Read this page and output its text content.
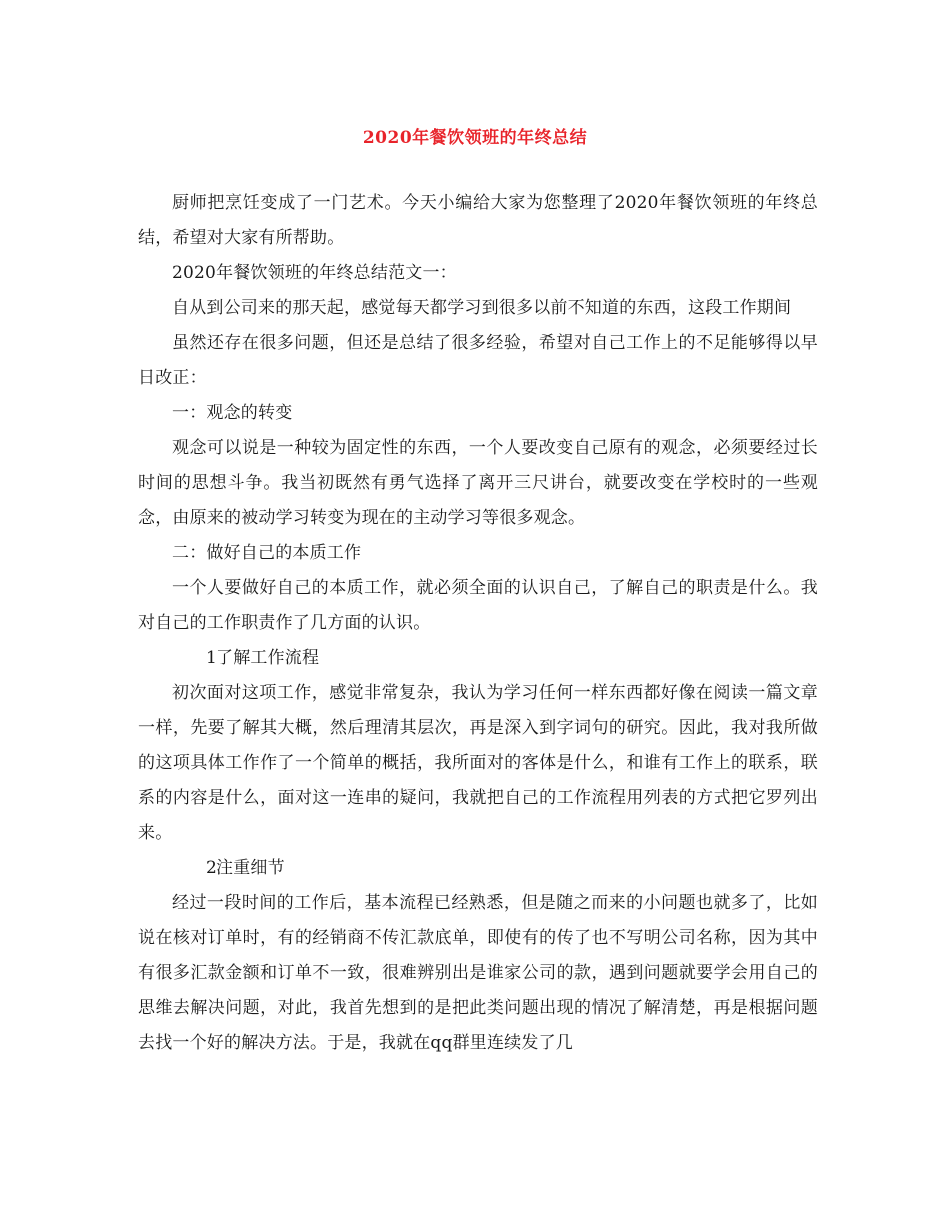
2020年餐饮领班的年终总结

厨师把烹饪变成了一门艺术。今天小编给大家为您整理了2020年餐饮领班的年终总结，希望对大家有所帮助。

2020年餐饮领班的年终总结范文一：

自从到公司来的那天起，感觉每天都学习到很多以前不知道的东西，这段工作期间

虽然还存在很多问题，但还是总结了很多经验，希望对自己工作上的不足能够得以早日改正：

一：观念的转变

观念可以说是一种较为固定性的东西，一个人要改变自己原有的观念，必须要经过长时间的思想斗争。我当初既然有勇气选择了离开三尺讲台，就要改变在学校时的一些观念，由原来的被动学习转变为现在的主动学习等很多观念。

二：做好自己的本质工作

一个人要做好自己的本质工作，就必须全面的认识自己，了解自己的职责是什么。我对自己的工作职责作了几方面的认识。

1了解工作流程

初次面对这项工作，感觉非常复杂，我认为学习任何一样东西都好像在阅读一篇文章一样，先要了解其大概，然后理清其层次，再是深入到字词句的研究。因此，我对我所做的这项具体工作作了一个简单的概括，我所面对的客体是什么，和谁有工作上的联系，联系的内容是什么，面对这一连串的疑问，我就把自己的工作流程用列表的方式把它罗列出来。

2注重细节

经过一段时间的工作后，基本流程已经熟悉，但是随之而来的小问题也就多了，比如说在核对订单时，有的经销商不传汇款底单，即使有的传了也不写明公司名称，因为其中有很多汇款金额和订单不一致，很难辨别出是谁家公司的款，遇到问题就要学会用自己的思维去解决问题，对此，我首先想到的是把此类问题出现的情况了解清楚，再是根据问题去找一个好的解决方法。于是，我就在qq群里连续发了几
